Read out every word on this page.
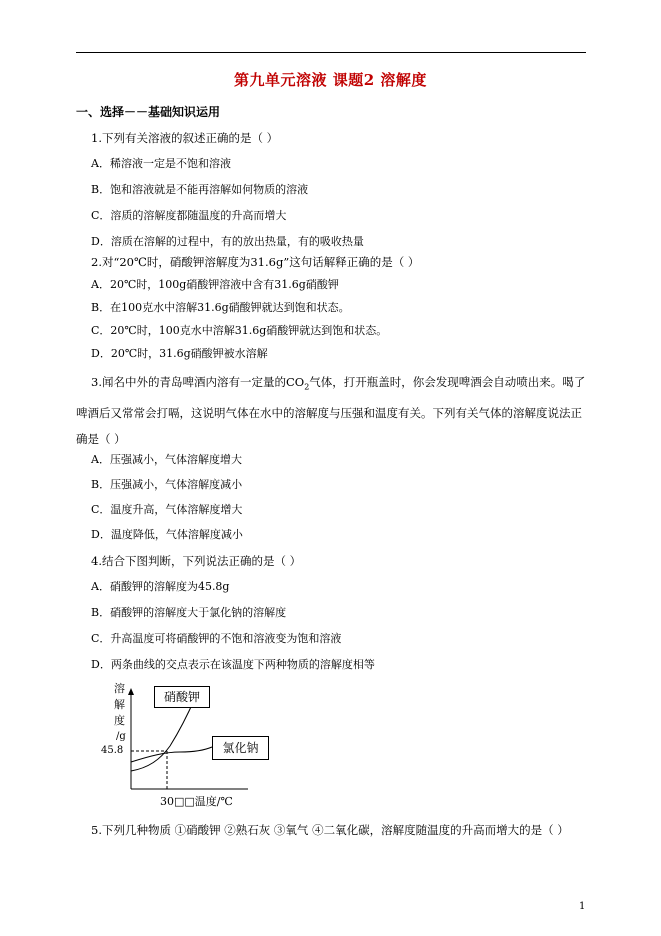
第九单元溶液 课题2 溶解度
一、选择－－基础知识运用
1.下列有关溶液的叙述正确的是（ ）
A．稀溶液一定是不饱和溶液
B．饱和溶液就是不能再溶解如何物质的溶液
C．溶质的溶解度都随温度的升高而增大
D．溶质在溶解的过程中，有的放出热量，有的吸收热量
2.对“20℃时，硝酸钾溶解度为31.6g”这句话解释正确的是（ ）
A．20℃时，100g硝酸钾溶液中含有31.6g硝酸钾
B．在100克水中溶解31.6g硝酸钾就达到饱和状态。
C．20℃时，100克水中溶解31.6g硝酸钾就达到饱和状态。
D．20℃时，31.6g硝酸钾被水溶解
3.闻名中外的青岛啤酒内溶有一定量的$CO_2$气体，打开瓶盖时，你会发现啤酒会自动喷出来。喝了啤酒后又常常会打嗝，这说明气体在水中的溶解度与压强和温度有关。下列有关气体的溶解度说法正确是（ ）
A．压强减小，气体溶解度增大
B．压强减小，气体溶解度减小
C．温度升高，气体溶解度增大
D．温度降低，气体溶解度减小
4.结合下图判断，下列说法正确的是（ ）
A．硝酸钾的溶解度为45.8g
B．硝酸钾的溶解度大于氯化钠的溶解度
C．升高温度可将硝酸钾的不饱和溶液变为饱和溶液
D．两条曲线的交点表示在该温度下两种物质的溶解度相等
溶
解
度
/g
硝酸钾
氯化钠
45.8
30□□温度/℃
5.下列几种物质 ①硝酸钾 ②熟石灰 ③氧气 ④二氧化碳，溶解度随温度的升高而增大的是（ ）
1
